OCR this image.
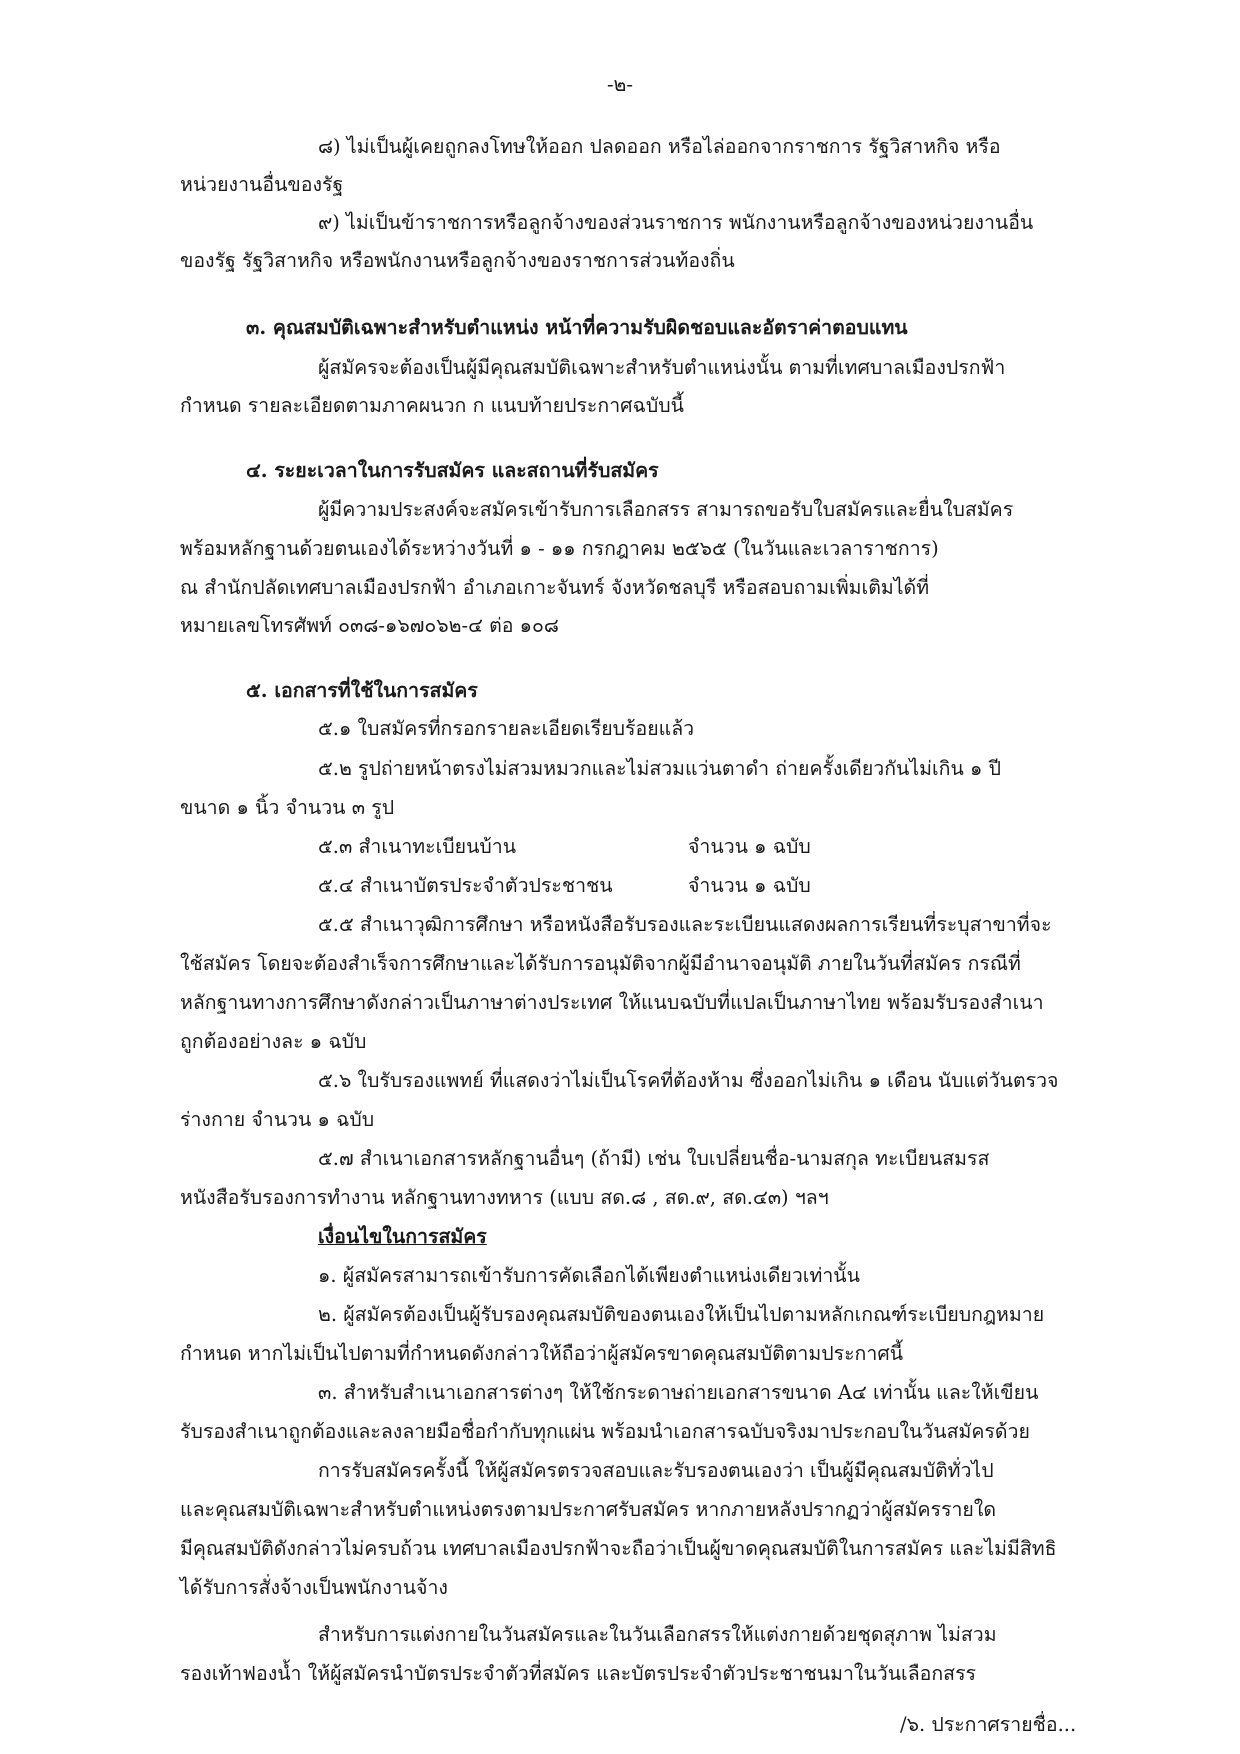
-๒-
๘) ไม่เป็นผู้เคยถูกลงโทษให้ออก ปลดออก หรือไล่ออกจากราชการ รัฐวิสาหกิจ หรือ
หน่วยงานอื่นของรัฐ
๙) ไม่เป็นข้าราชการหรือลูกจ้างของส่วนราชการ พนักงานหรือลูกจ้างของหน่วยงานอื่น
ของรัฐ รัฐวิสาหกิจ หรือพนักงานหรือลูกจ้างของราชการส่วนท้องถิ่น
๓. คุณสมบัติเฉพาะสำหรับตำแหน่ง หน้าที่ความรับผิดชอบและอัตราค่าตอบแทน
ผู้สมัครจะต้องเป็นผู้มีคุณสมบัติเฉพาะสำหรับตำแหน่งนั้น ตามที่เทศบาลเมืองปรกฟ้า
กำหนด รายละเอียดตามภาคผนวก ก แนบท้ายประกาศฉบับนี้
๔. ระยะเวลาในการรับสมัคร และสถานที่รับสมัคร
ผู้มีความประสงค์จะสมัครเข้ารับการเลือกสรร สามารถขอรับใบสมัครและยื่นใบสมัคร
พร้อมหลักฐานด้วยตนเองได้ระหว่างวันที่ ๑ - ๑๑ กรกฎาคม ๒๕๖๕ (ในวันและเวลาราชการ)
ณ สำนักปลัดเทศบาลเมืองปรกฟ้า อำเภอเกาะจันทร์ จังหวัดชลบุรี หรือสอบถามเพิ่มเติมได้ที่
หมายเลขโทรศัพท์ ๐๓๘-๑๖๗๐๖๒-๔ ต่อ ๑๐๘
๕. เอกสารที่ใช้ในการสมัคร
๕.๑ ใบสมัครที่กรอกรายละเอียดเรียบร้อยแล้ว
๕.๒ รูปถ่ายหน้าตรงไม่สวมหมวกและไม่สวมแว่นตาดำ ถ่ายครั้งเดียวกันไม่เกิน ๑ ปี
ขนาด ๑ นิ้ว จำนวน ๓ รูป
๕.๓ สำเนาทะเบียนบ้าน	จำนวน ๑ ฉบับ
๕.๔ สำเนาบัตรประจำตัวประชาชน	จำนวน ๑ ฉบับ
๕.๕ สำเนาวุฒิการศึกษา หรือหนังสือรับรองและระเบียนแสดงผลการเรียนที่ระบุสาขาที่จะ
ใช้สมัคร โดยจะต้องสำเร็จการศึกษาและได้รับการอนุมัติจากผู้มีอำนาจอนุมัติ ภายในวันที่สมัคร กรณีที่
หลักฐานทางการศึกษาดังกล่าวเป็นภาษาต่างประเทศ ให้แนบฉบับที่แปลเป็นภาษาไทย พร้อมรับรองสำเนา
ถูกต้องอย่างละ ๑ ฉบับ
๕.๖ ใบรับรองแพทย์ ที่แสดงว่าไม่เป็นโรคที่ต้องห้าม ซึ่งออกไม่เกิน ๑ เดือน นับแต่วันตรวจ
ร่างกาย จำนวน ๑ ฉบับ
๕.๗ สำเนาเอกสารหลักฐานอื่นๆ (ถ้ามี) เช่น ใบเปลี่ยนชื่อ-นามสกุล ทะเบียนสมรส
หนังสือรับรองการทำงาน หลักฐานทางทหาร (แบบ สด.๘ , สด.๙, สด.๔๓) ฯลฯ
เงื่อนไขในการสมัคร
๑. ผู้สมัครสามารถเข้ารับการคัดเลือกได้เพียงตำแหน่งเดียวเท่านั้น
๒. ผู้สมัครต้องเป็นผู้รับรองคุณสมบัติของตนเองให้เป็นไปตามหลักเกณฑ์ระเบียบกฎหมาย
กำหนด หากไม่เป็นไปตามที่กำหนดดังกล่าวให้ถือว่าผู้สมัครขาดคุณสมบัติตามประกาศนี้
๓. สำหรับสำเนาเอกสารต่างๆ ให้ใช้กระดาษถ่ายเอกสารขนาด A๔ เท่านั้น และให้เขียน
รับรองสำเนาถูกต้องและลงลายมือชื่อกำกับทุกแผ่น พร้อมนำเอกสารฉบับจริงมาประกอบในวันสมัครด้วย
การรับสมัครครั้งนี้ ให้ผู้สมัครตรวจสอบและรับรองตนเองว่า เป็นผู้มีคุณสมบัติทั่วไป
และคุณสมบัติเฉพาะสำหรับตำแหน่งตรงตามประกาศรับสมัคร หากภายหลังปรากฏว่าผู้สมัครรายใด
มีคุณสมบัติดังกล่าวไม่ครบถ้วน เทศบาลเมืองปรกฟ้าจะถือว่าเป็นผู้ขาดคุณสมบัติในการสมัคร และไม่มีสิทธิ
ได้รับการสั่งจ้างเป็นพนักงานจ้าง
สำหรับการแต่งกายในวันสมัครและในวันเลือกสรรให้แต่งกายด้วยชุดสุภาพ ไม่สวม
รองเท้าฟองน้ำ ให้ผู้สมัครนำบัตรประจำตัวที่สมัคร และบัตรประจำตัวประชาชนมาในวันเลือกสรร
/๖. ประกาศรายชื่อ...
